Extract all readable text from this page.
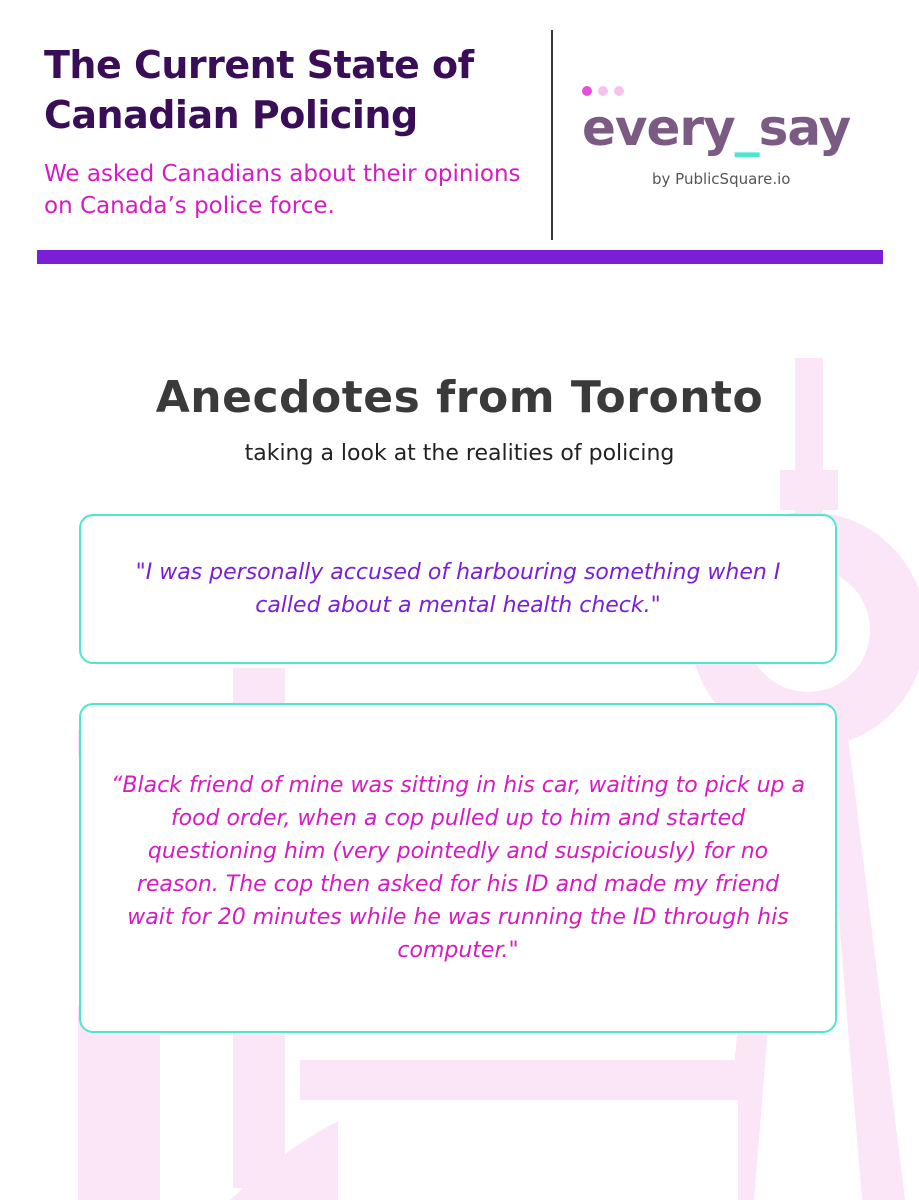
The Current State of Canadian Policing

We asked Canadians about their opinions on Canada’s police force.

every_say
by PublicSquare.io
Anecdotes from Toronto

taking a look at the realities of policing

"I was personally accused of harbouring something when I called about a mental health check."

“Black friend of mine was sitting in his car, waiting to pick up a food order, when a cop pulled up to him and started questioning him (very pointedly and suspiciously) for no reason. The cop then asked for his ID and made my friend wait for 20 minutes while he was running the ID through his computer."
